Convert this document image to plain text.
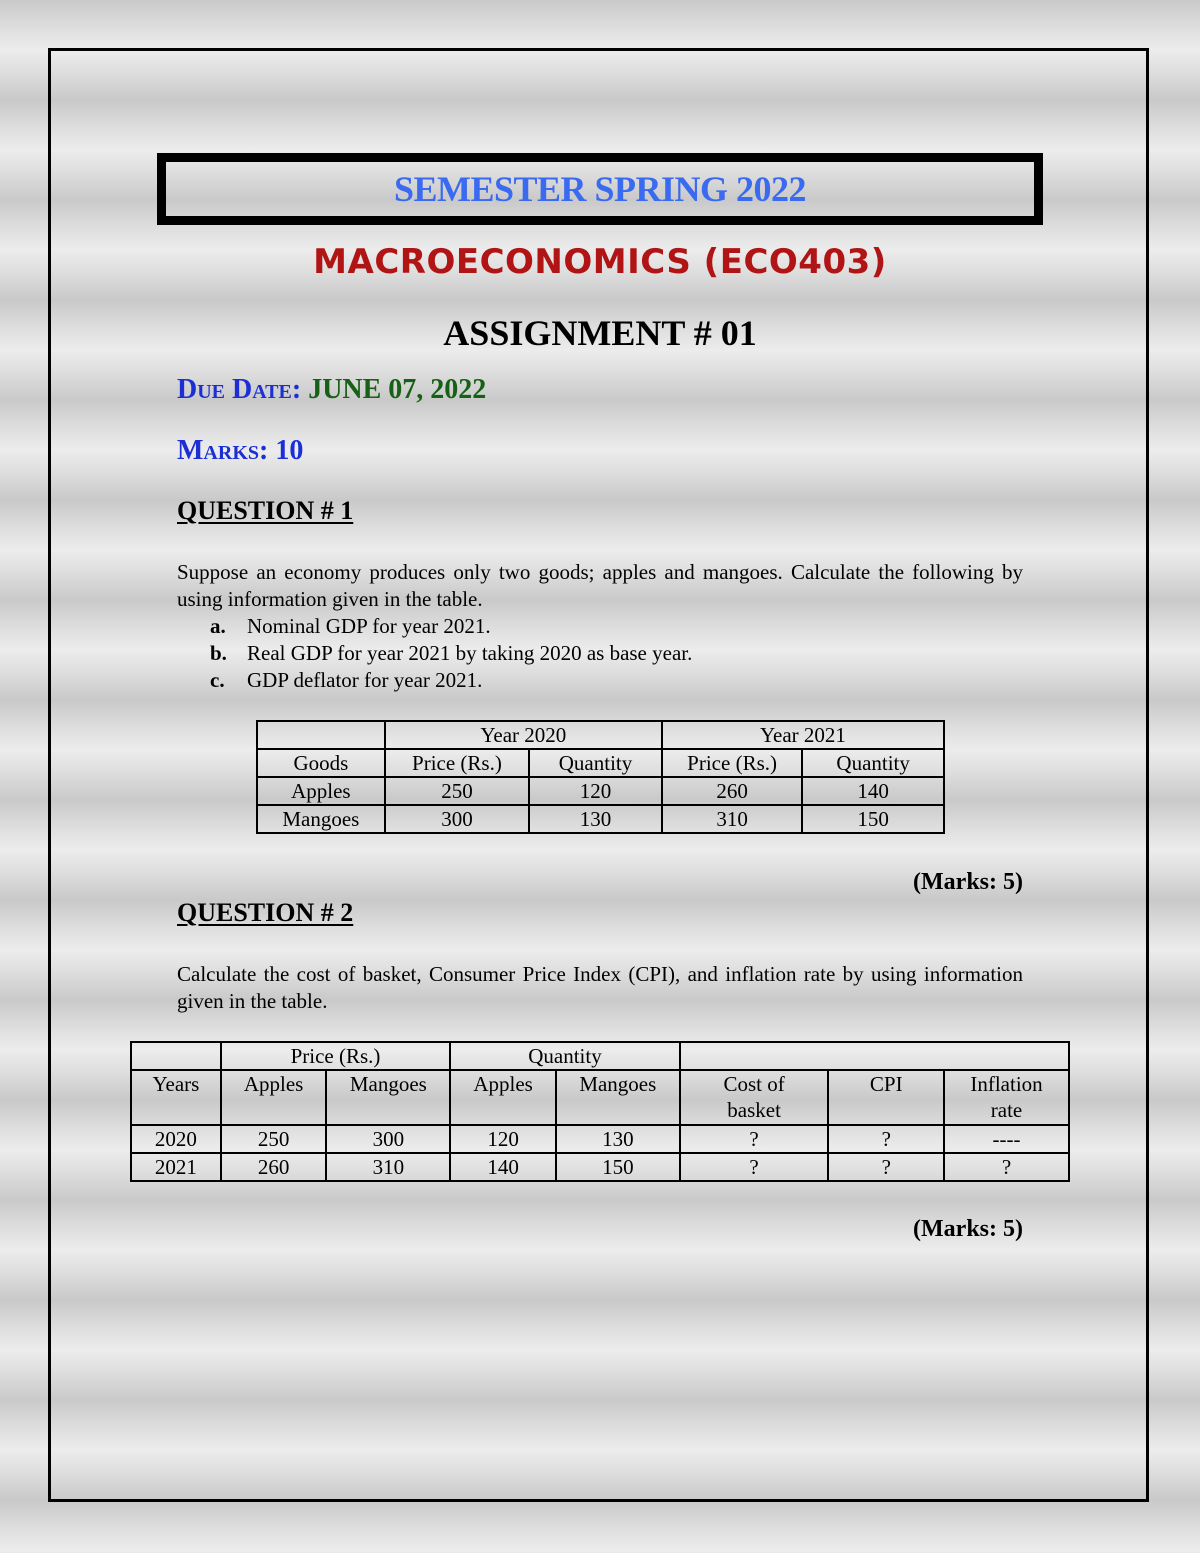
SEMESTER SPRING 2022
MACROECONOMICS (ECO403)
ASSIGNMENT # 01
Due Date: JUNE 07, 2022
Marks: 10
QUESTION # 1
Suppose an economy produces only two goods; apples and mangoes. Calculate the following by using information given in the table.
a.	Nominal GDP for year 2021.
b. Real GDP for year 2021 by taking 2020 as base year.
c.	GDP deflator for year 2021.
	Year 2020		Year 2021	
Goods	Price (Rs.)	Quantity	Price (Rs.)	Quantity
Apples	250	120	260	140
Mangoes	300	130	310	150
(Marks: 5)
QUESTION # 2
Calculate the cost of basket, Consumer Price Index (CPI), and inflation rate by using information given in the table.
	Price (Rs.)		Quantity				
Years	Apples	Mangoes	Apples	Mangoes	Cost of basket	CPI	Inflation rate
2020	250	300	120	130	?	?	----
2021	260	310	140	150	?	?	?
(Marks: 5)
